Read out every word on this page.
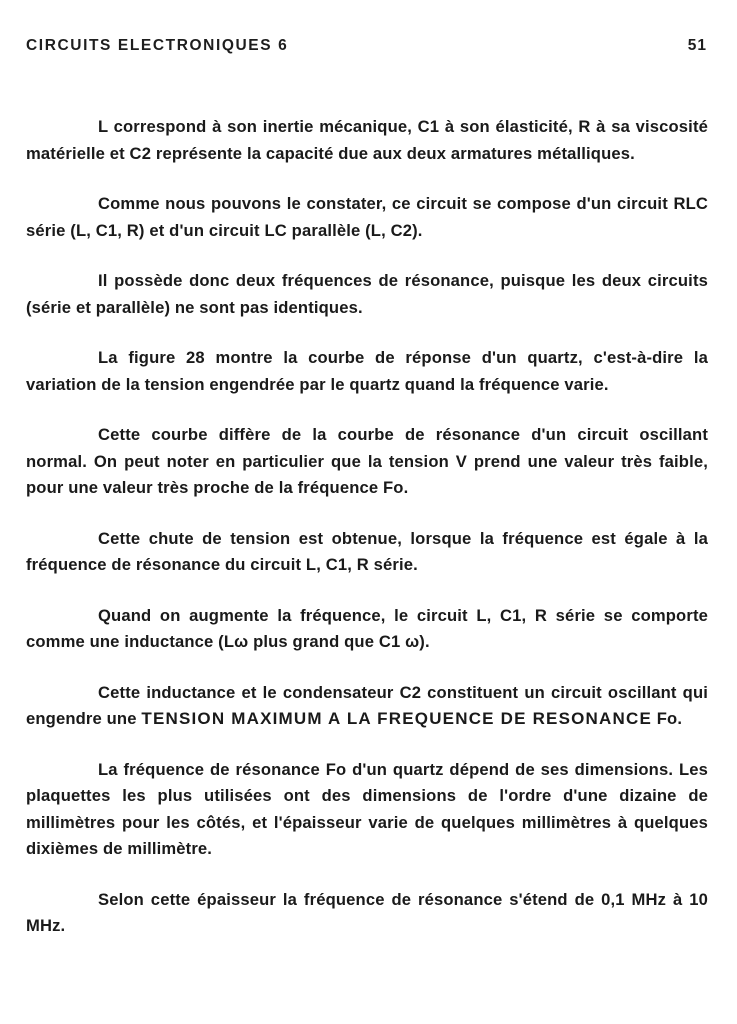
CIRCUITS ELECTRONIQUES 6	51

L correspond à son inertie mécanique, C1 à son élasticité, R à sa viscosité matérielle et C2 représente la capacité due aux deux armatures métalliques.

Comme nous pouvons le constater, ce circuit se compose d'un circuit RLC série (L, C1, R) et d'un circuit LC parallèle (L, C2).

Il possède donc deux fréquences de résonance, puisque les deux circuits (série et parallèle) ne sont pas identiques.

La figure 28 montre la courbe de réponse d'un quartz, c'est-à-dire la variation de la tension engendrée par le quartz quand la fréquence varie.

Cette courbe diffère de la courbe de résonance d'un circuit oscillant normal. On peut noter en particulier que la tension V prend une valeur très faible, pour une valeur très proche de la fréquence Fo.

Cette chute de tension est obtenue, lorsque la fréquence est égale à la fréquence de résonance du circuit L, C1, R série.

Quand on augmente la fréquence, le circuit L, C1, R série se comporte comme une inductance (Lω plus grand que C1 ω).

Cette inductance et le condensateur C2 constituent un circuit oscillant qui engendre une TENSION MAXIMUM A LA FREQUENCE DE RESONANCE Fo.

La fréquence de résonance Fo d'un quartz dépend de ses dimensions. Les plaquettes les plus utilisées ont des dimensions de l'ordre d'une dizaine de millimètres pour les côtés, et l'épaisseur varie de quelques millimètres à quelques dixièmes de millimètre.

Selon cette épaisseur la fréquence de résonance s'étend de 0,1 MHz à 10 MHz.
